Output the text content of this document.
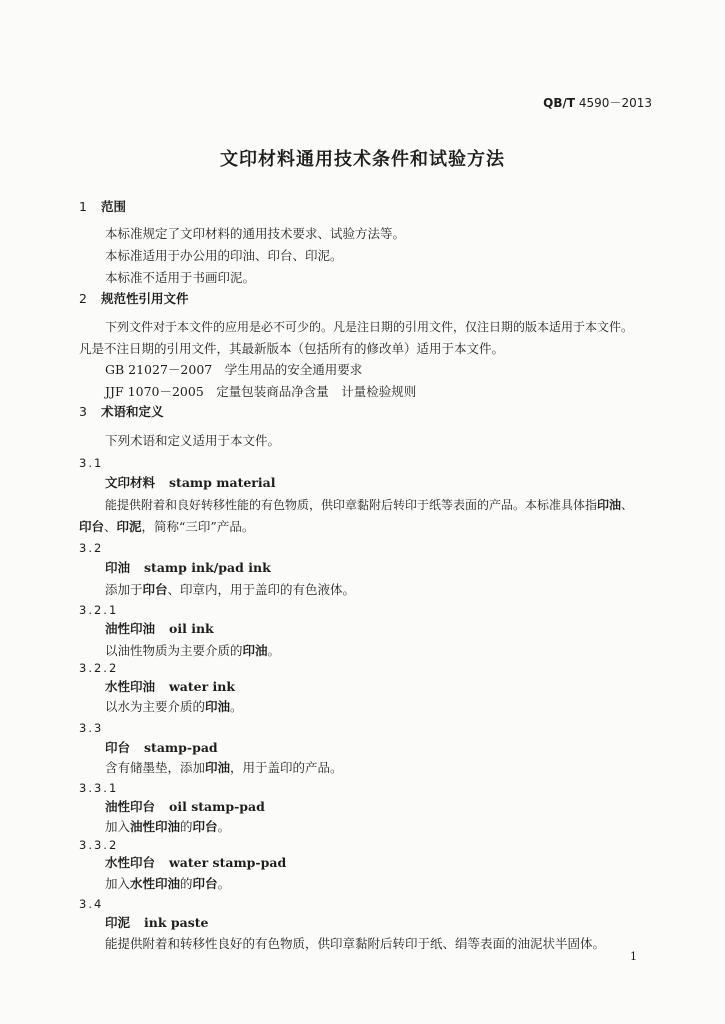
QB/T 4590－2013
文印材料通用技术条件和试验方法
1 范围
本标准规定了文印材料的通用技术要求、试验方法等。
本标准适用于办公用的印油、印台、印泥。
本标准不适用于书画印泥。
2 规范性引用文件
下列文件对于本文件的应用是必不可少的。凡是注日期的引用文件，仅注日期的版本适用于本文件。
凡是不注日期的引用文件，其最新版本（包括所有的修改单）适用于本文件。
GB 21027－2007　学生用品的安全通用要求
JJF 1070－2005　定量包装商品净含量　计量检验规则
3 术语和定义
下列术语和定义适用于本文件。
3.1
文印材料 stamp material
能提供附着和良好转移性能的有色物质，供印章黏附后转印于纸等表面的产品。本标准具体指印油、
印台、印泥，简称“三印”产品。
3.2
印油 stamp ink/pad ink
添加于印台、印章内，用于盖印的有色液体。
3.2.1
油性印油 oil ink
以油性物质为主要介质的印油。
3.2.2
水性印油 water ink
以水为主要介质的印油。
3.3
印台 stamp-pad
含有储墨垫，添加印油，用于盖印的产品。
3.3.1
油性印台 oil stamp-pad
加入油性印油的印台。
3.3.2
水性印台 water stamp-pad
加入水性印油的印台。
3.4
印泥 ink paste
能提供附着和转移性良好的有色物质，供印章黏附后转印于纸、绢等表面的油泥状半固体。
1
